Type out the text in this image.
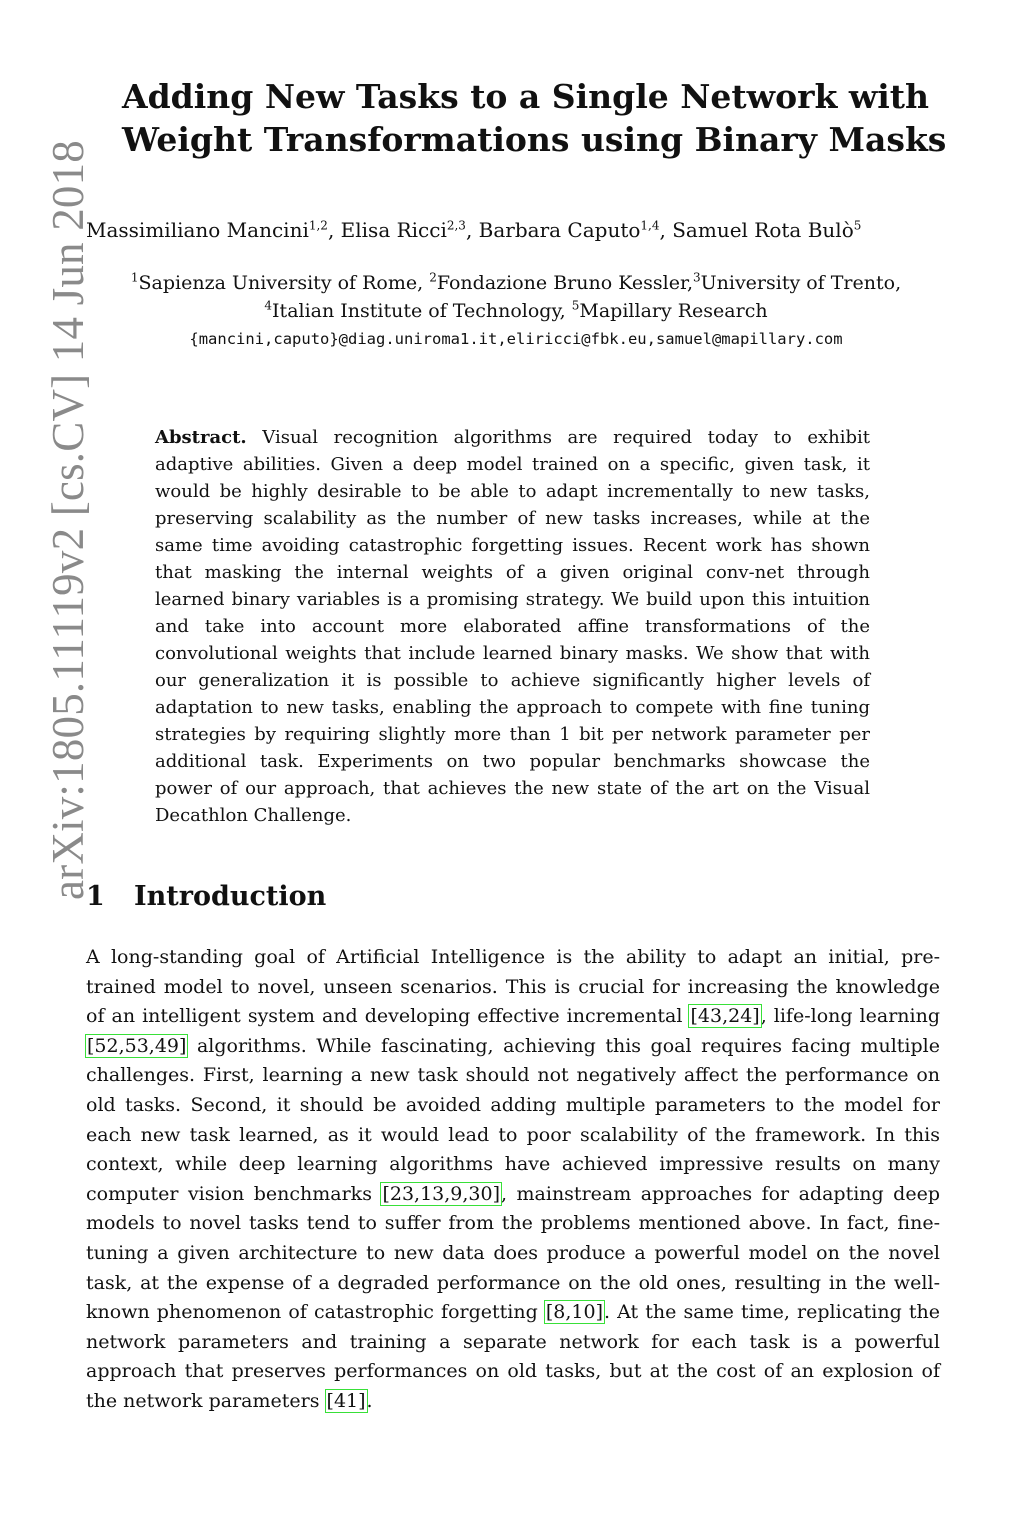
arXiv:1805.11119v2 [cs.CV] 14 Jun 2018
Adding New Tasks to a Single Network with
Weight Transformations using Binary Masks
Massimiliano Mancini$^{1,2}$, Elisa Ricci$^{2,3}$, Barbara Caputo$^{1,4}$, Samuel Rota Bulò$^5$
$^1$Sapienza University of Rome, $^2$Fondazione Bruno Kessler,$^3$University of Trento,
$^4$Italian Institute of Technology, $^5$Mapillary Research
{mancini,caputo}@diag.uniroma1.it,eliricci@fbk.eu,samuel@mapillary.com
Abstract. Visual recognition algorithms are required today to exhibit adaptive abilities. Given a deep model trained on a specific, given task, it would be highly desirable to be able to adapt incrementally to new tasks, preserving scalability as the number of new tasks increases, while at the same time avoiding catastrophic forgetting issues. Recent work has shown that masking the internal weights of a given original conv-net through learned binary variables is a promising strategy. We build upon this intuition and take into account more elaborated affine transformations of the convolutional weights that include learned binary masks. We show that with our generalization it is possible to achieve significantly higher levels of adaptation to new tasks, enabling the approach to compete with fine tuning strategies by requiring slightly more than 1 bit per network parameter per additional task. Experiments on two popular benchmarks showcase the power of our approach, that achieves the new state of the art on the Visual Decathlon Challenge.
1 Introduction
A long-standing goal of Artificial Intelligence is the ability to adapt an initial, pre-trained model to novel, unseen scenarios. This is crucial for increasing the knowledge of an intelligent system and developing effective incremental [43,24], life-long learning [52,53,49] algorithms. While fascinating, achieving this goal requires facing multiple challenges. First, learning a new task should not negatively affect the performance on old tasks. Second, it should be avoided adding multiple parameters to the model for each new task learned, as it would lead to poor scalability of the framework. In this context, while deep learning algorithms have achieved impressive results on many computer vision benchmarks [23,13,9,30], mainstream approaches for adapting deep models to novel tasks tend to suffer from the problems mentioned above. In fact, fine-tuning a given architecture to new data does produce a powerful model on the novel task, at the expense of a degraded performance on the old ones, resulting in the well-known phenomenon of catastrophic forgetting [8,10]. At the same time, replicating the network parameters and training a separate network for each task is a powerful approach that preserves performances on old tasks, but at the cost of an explosion of the network parameters [41].
